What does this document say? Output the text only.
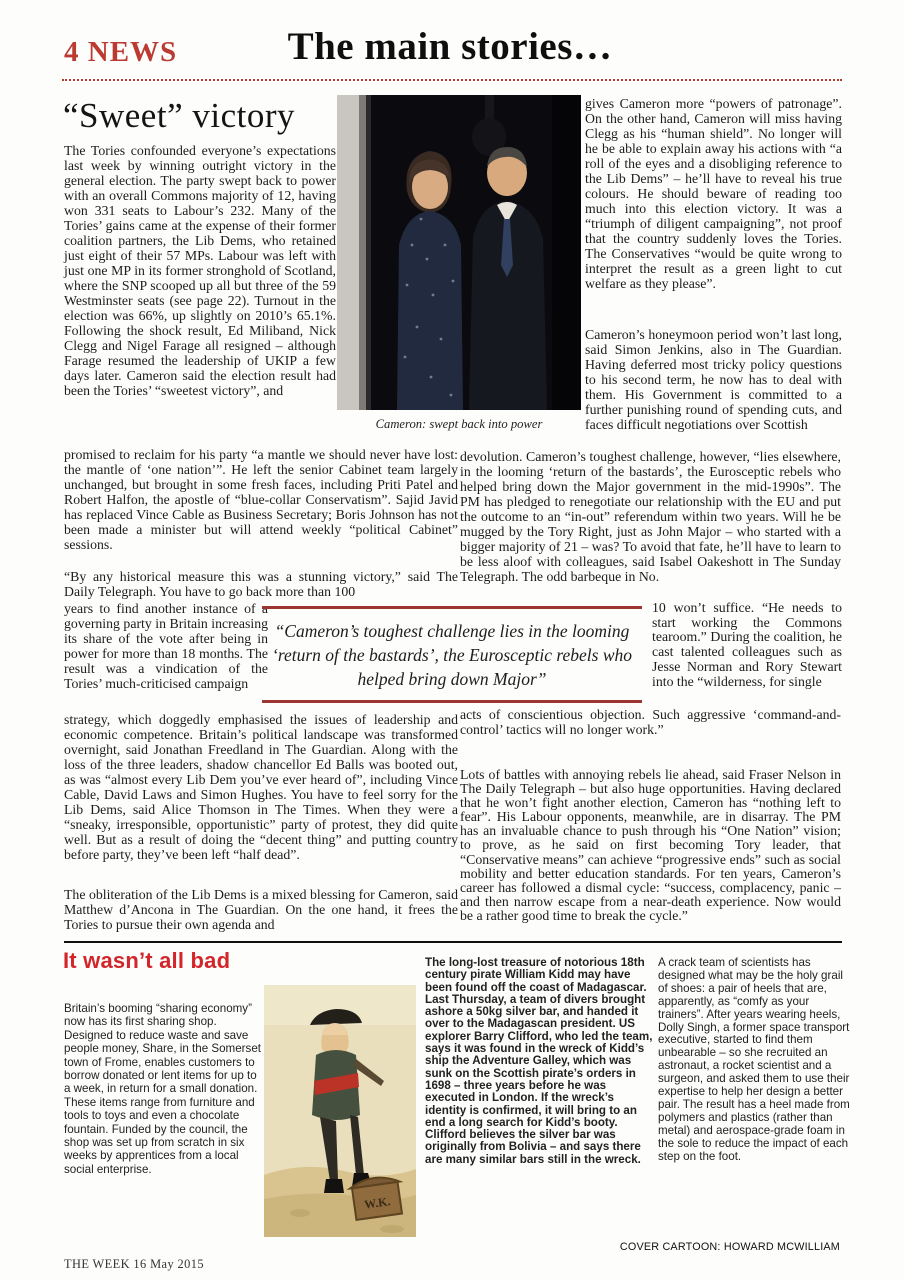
4 NEWS	The main stories…
“Sweet” victory
The Tories confounded everyone’s expectations last week by winning outright victory in the general election. The party swept back to power with an overall Commons majority of 12, having won 331 seats to Labour’s 232. Many of the Tories’ gains came at the expense of their former coalition partners, the Lib Dems, who retained just eight of their 57 MPs. Labour was left with just one MP in its former stronghold of Scotland, where the SNP scooped up all but three of the 59 Westminster seats (see page 22). Turnout in the election was 66%, up slightly on 2010’s 65.1%. Following the shock result, Ed Miliband, Nick Clegg and Nigel Farage all resigned – although Farage resumed the leadership of UKIP a few days later. Cameron said the election result had been the Tories’ “sweetest victory”, and
promised to reclaim for his party “a mantle we should never have lost: the mantle of ‘one nation’”. He left the senior Cabinet team largely unchanged, but brought in some fresh faces, including Priti Patel and Robert Halfon, the apostle of “blue-collar Conservatism”. Sajid Javid has replaced Vince Cable as Business Secretary; Boris Johnson has not been made a minister but will attend weekly “political Cabinet” sessions.
“By any historical measure this was a stunning victory,” said The Daily Telegraph. You have to go back more than 100
years to find another instance of a governing party in Britain increasing its share of the vote after being in power for more than 18 months. The result was a vindication of the Tories’ much-criticised campaign
strategy, which doggedly emphasised the issues of leadership and economic competence. Britain’s political landscape was transformed overnight, said Jonathan Freedland in The Guardian. Along with the loss of the three leaders, shadow chancellor Ed Balls was booted out, as was “almost every Lib Dem you’ve ever heard of”, including Vince Cable, David Laws and Simon Hughes. You have to feel sorry for the Lib Dems, said Alice Thomson in The Times. When they were a “sneaky, irresponsible, opportunistic” party of protest, they did quite well. But as a result of doing the “decent thing” and putting country before party, they’ve been left “half dead”.
The obliteration of the Lib Dems is a mixed blessing for Cameron, said Matthew d’Ancona in The Guardian. On the one hand, it frees the Tories to pursue their own agenda and
gives Cameron more “powers of patronage”. On the other hand, Cameron will miss having Clegg as his “human shield”. No longer will he be able to explain away his actions with “a roll of the eyes and a disobliging reference to the Lib Dems” – he’ll have to reveal his true colours. He should beware of reading too much into this election victory. It was a “triumph of diligent campaigning”, not proof that the country suddenly loves the Tories. The Conservatives “would be quite wrong to interpret the result as a green light to cut welfare as they please”.
Cameron’s honeymoon period won’t last long, said Simon Jenkins, also in The Guardian. Having deferred most tricky policy questions to his second term, he now has to deal with them. His Government is committed to a further punishing round of spending cuts, and faces difficult negotiations over Scottish
devolution. Cameron’s toughest challenge, however, “lies elsewhere, in the looming ‘return of the bastards’, the Eurosceptic rebels who helped bring down the Major government in the mid-1990s”. The PM has pledged to renegotiate our relationship with the EU and put the outcome to an “in-out” referendum within two years. Will he be mugged by the Tory Right, just as John Major – who started with a bigger majority of 21 – was? To avoid that fate, he’ll have to learn to be less aloof with colleagues, said Isabel Oakeshott in The Sunday Telegraph. The odd barbeque in No.
10 won’t suffice. “He needs to start working the Commons tearoom.” During the coalition, he cast talented colleagues such as Jesse Norman and Rory Stewart into the “wilderness, for single
acts of conscientious objection. Such aggressive ‘command-and-control’ tactics will no longer work.”
Lots of battles with annoying rebels lie ahead, said Fraser Nelson in The Daily Telegraph – but also huge opportunities. Having declared that he won’t fight another election, Cameron has “nothing left to fear”. His Labour opponents, meanwhile, are in disarray. The PM has an invaluable chance to push through his “One Nation” vision; to prove, as he said on first becoming Tory leader, that “Conservative means” can achieve “progressive ends” such as social mobility and better education standards. For ten years, Cameron’s career has followed a dismal cycle: “success, complacency, panic – and then narrow escape from a near-death experience. Now would be a rather good time to break the cycle.”
Cameron: swept back into power
“Cameron’s toughest challenge lies in the looming ‘return of the bastards’, the Eurosceptic rebels who helped bring down Major”
It wasn’t all bad
Britain’s booming “sharing economy” now has its first sharing shop. Designed to reduce waste and save people money, Share, in the Somerset town of Frome, enables customers to borrow donated or lent items for up to a week, in return for a small donation. These items range from furniture and tools to toys and even a chocolate fountain. Funded by the council, the shop was set up from scratch in six weeks by apprentices from a local social enterprise.
W.K.
The long-lost treasure of notorious 18th century pirate William Kidd may have been found off the coast of Madagascar. Last Thursday, a team of divers brought ashore a 50kg silver bar, and handed it over to the Madagascan president. US explorer Barry Clifford, who led the team, says it was found in the wreck of Kidd’s ship the Adventure Galley, which was sunk on the Scottish pirate’s orders in 1698 – three years before he was executed in London. If the wreck’s identity is confirmed, it will bring to an end a long search for Kidd’s booty. Clifford believes the silver bar was originally from Bolivia – and says there are many similar bars still in the wreck.
A crack team of scientists has designed what may be the holy grail of shoes: a pair of heels that are, apparently, as “comfy as your trainers”. After years wearing heels, Dolly Singh, a former space transport executive, started to find them unbearable – so she recruited an astronaut, a rocket scientist and a surgeon, and asked them to use their expertise to help her design a better pair. The result has a heel made from polymers and plastics (rather than metal) and aerospace-grade foam in the sole to reduce the impact of each step on the foot.
COVER CARTOON: HOWARD MCWILLIAM
THE WEEK 16 May 2015
